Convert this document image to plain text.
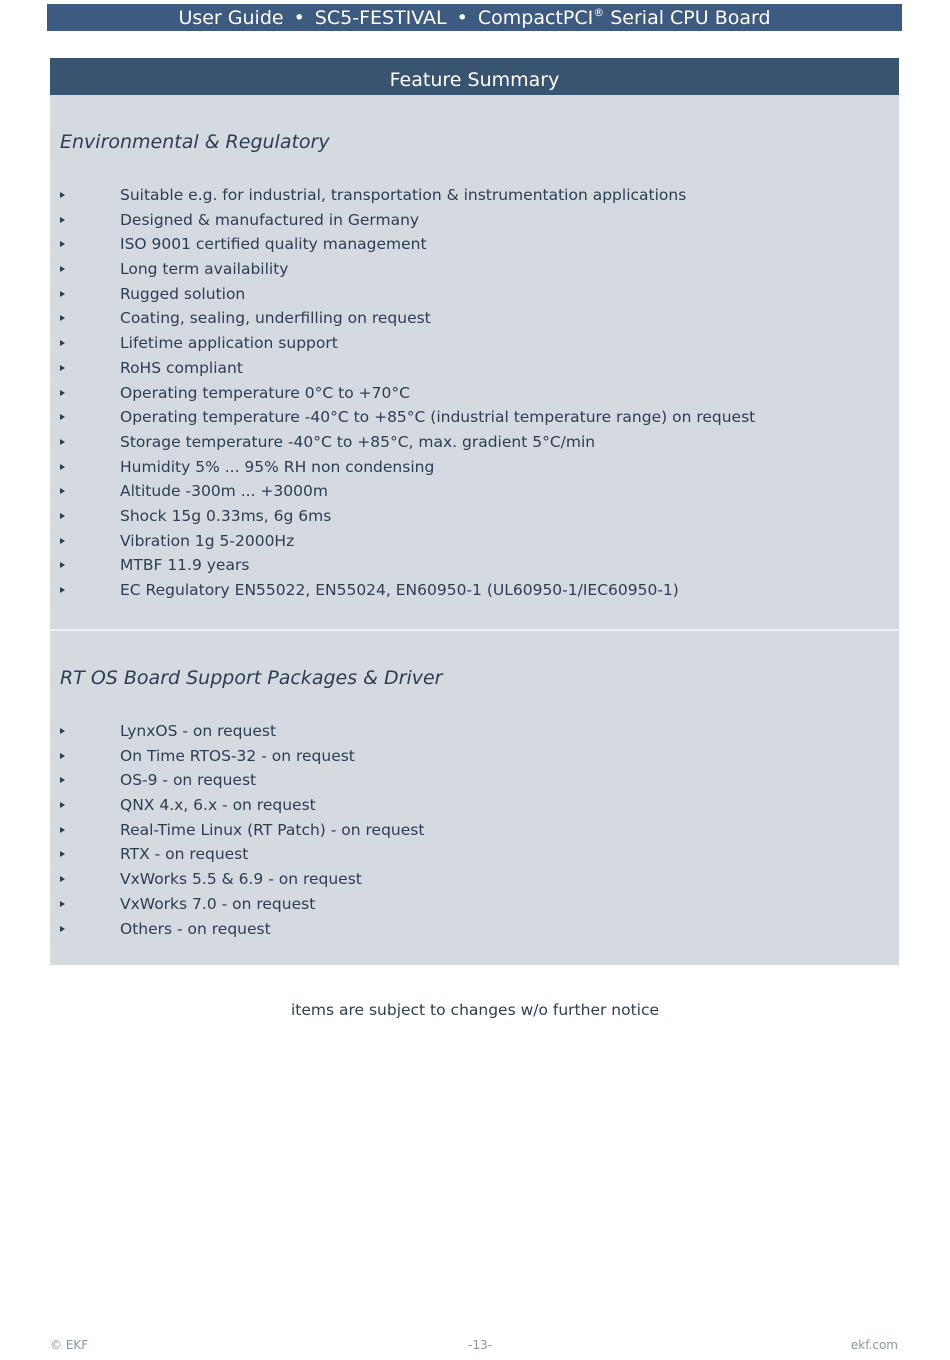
User Guide • SC5-FESTIVAL • CompactPCI® Serial CPU Board
Feature Summary
Environmental & Regulatory
Suitable e.g. for industrial, transportation & instrumentation applications
Designed & manufactured in Germany
ISO 9001 certified quality management
Long term availability
Rugged solution
Coating, sealing, underfilling on request
Lifetime application support
RoHS compliant
Operating temperature 0°C to +70°C
Operating temperature -40°C to +85°C (industrial temperature range) on request
Storage temperature -40°C to +85°C, max. gradient 5°C/min
Humidity 5% ... 95% RH non condensing
Altitude -300m ... +3000m
Shock 15g 0.33ms, 6g 6ms
Vibration 1g 5-2000Hz
MTBF 11.9 years
EC Regulatory EN55022, EN55024, EN60950-1 (UL60950-1/IEC60950-1)
RT OS Board Support Packages & Driver
LynxOS - on request
On Time RTOS-32 - on request
OS-9 - on request
QNX 4.x, 6.x - on request
Real-Time Linux (RT Patch) - on request
RTX - on request
VxWorks 5.5 & 6.9 - on request
VxWorks 7.0 - on request
Others - on request
items are subject to changes w/o further notice
© EKF	-13-	ekf.com
